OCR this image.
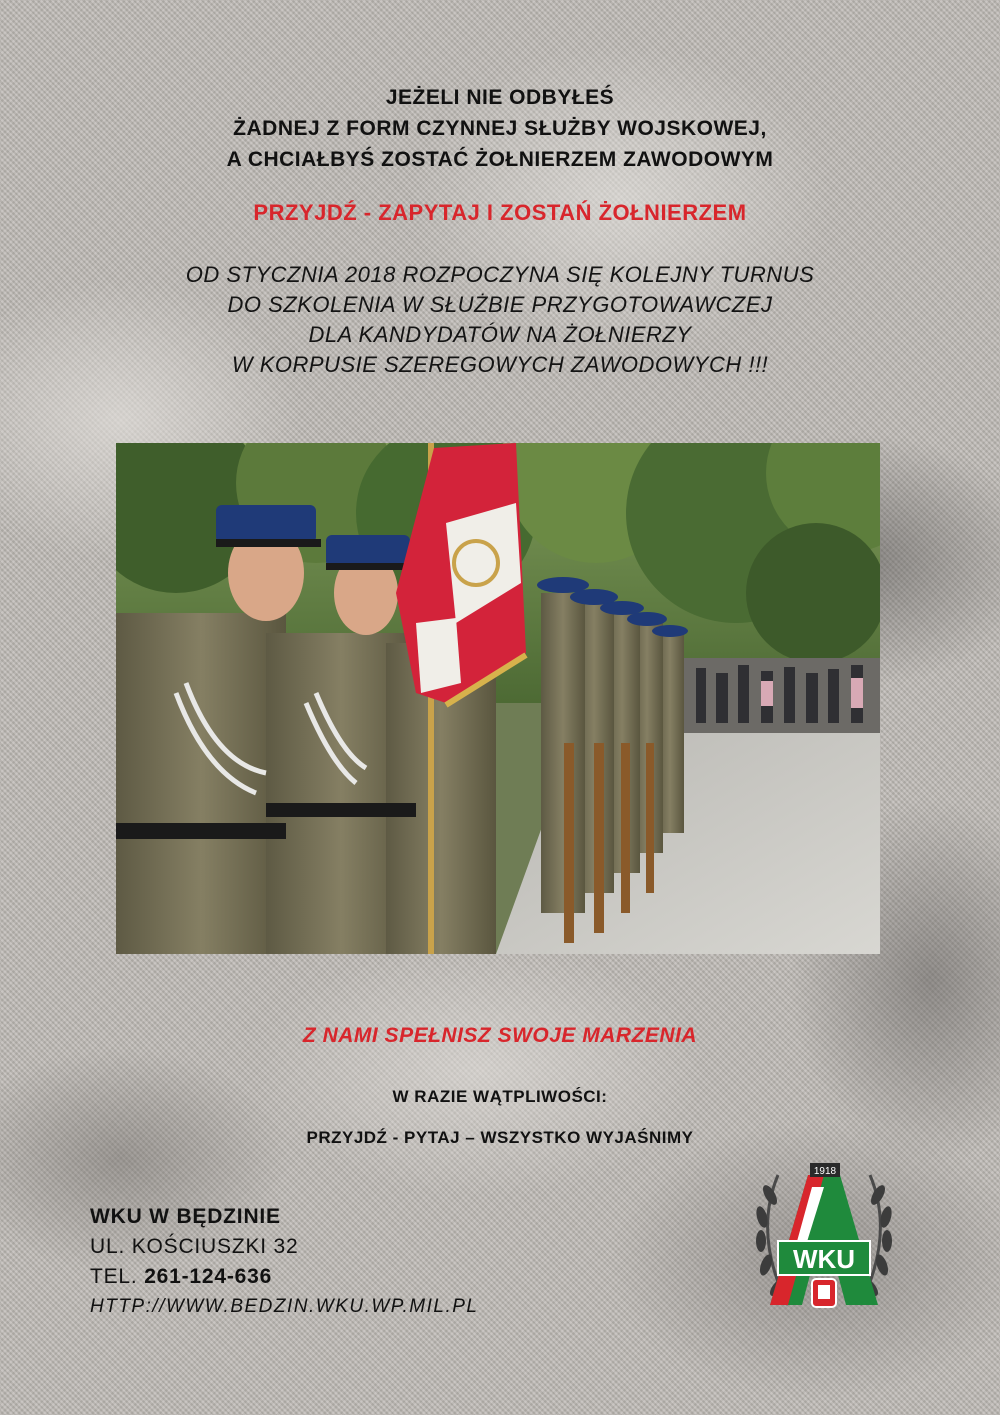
JEŻELI NIE ODBYŁEŚ
ŻADNEJ Z FORM CZYNNEJ SŁUŻBY WOJSKOWEJ,
A CHCIAŁBYŚ ZOSTAĆ ŻOŁNIERZEM ZAWODOWYM
PRZYJDŹ - ZAPYTAJ I ZOSTAŃ ŻOŁNIERZEM
OD STYCZNIA 2018 ROZPOCZYNA SIĘ KOLEJNY TURNUS
DO SZKOLENIA W SŁUŻBIE PRZYGOTOWAWCZEJ
DLA KANDYDATÓW NA ŻOŁNIERZY
W KORPUSIE SZEREGOWYCH ZAWODOWYCH !!!
Z NAMI SPEŁNISZ SWOJE MARZENIA
W RAZIE WĄTPLIWOŚCI:
PRZYJDŹ - PYTAJ – WSZYSTKO WYJAŚNIMY
WKU W BĘDZINIE
UL. KOŚCIUSZKI 32
TEL. 261-124-636
HTTP://WWW.BEDZIN.WKU.WP.MIL.PL
1918
WKU
